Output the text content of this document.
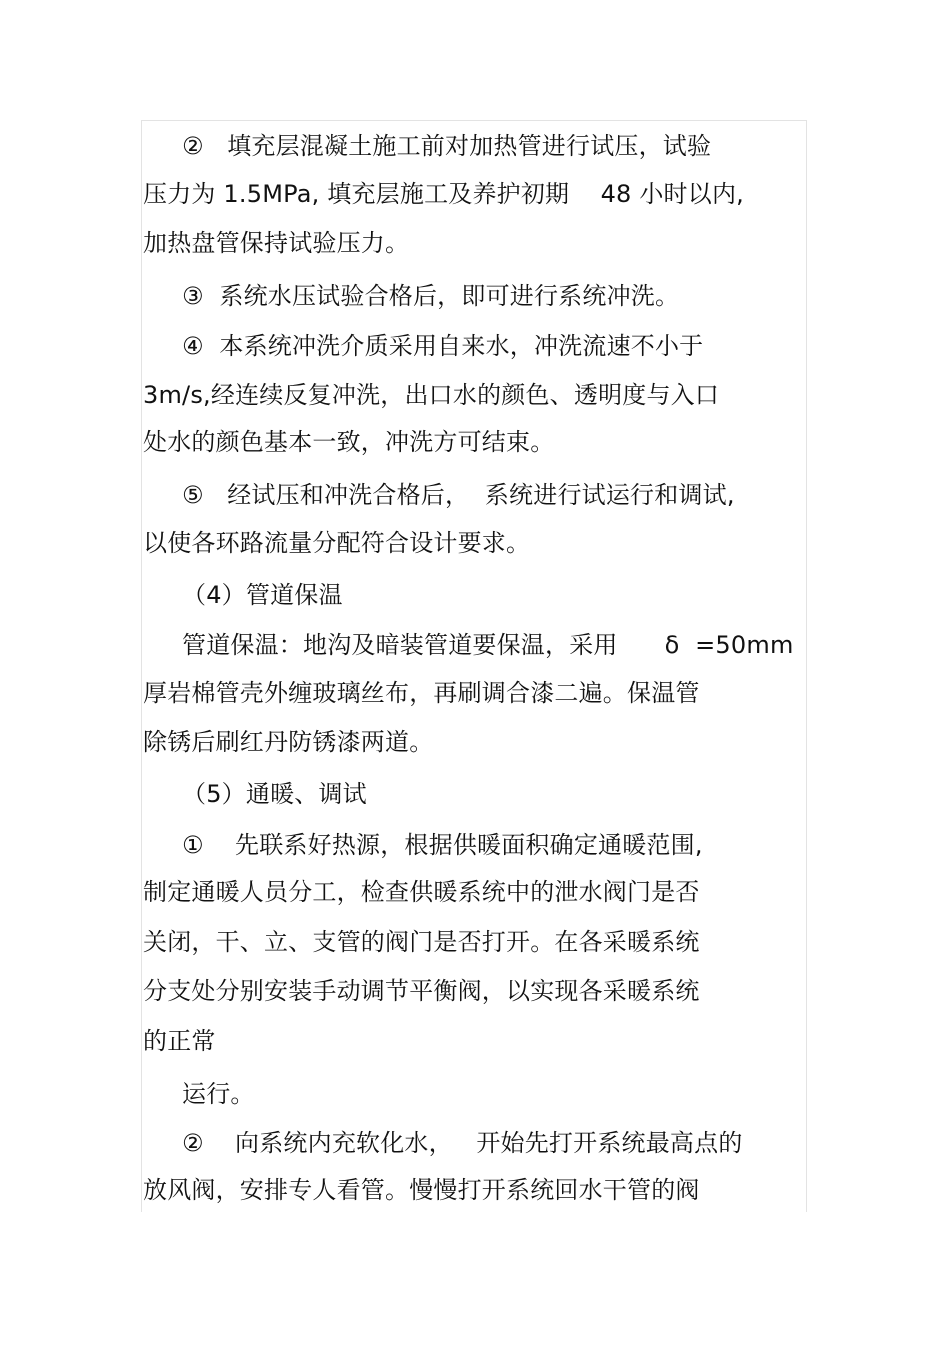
②   填充层混凝土施工前对加热管进行试压，试验
压力为 1.5MPa, 填充层施工及养护初期    48 小时以内,
加热盘管保持试验压力。
③  系统水压试验合格后，即可进行系统冲洗。
④  本系统冲洗介质采用自来水，冲洗流速不小于
3m/s,经连续反复冲洗，出口水的颜色、透明度与入口
处水的颜色基本一致，冲洗方可结束。
⑤   经试压和冲洗合格后，  系统进行试运行和调试,
以使各环路流量分配符合设计要求。
（4）管道保温
管道保温：地沟及暗装管道要保温，采用      δ  =50mm
厚岩棉管壳外缠玻璃丝布，再刷调合漆二遍。保温管
除锈后刷红丹防锈漆两道。
（5）通暖、调试
①    先联系好热源，根据供暖面积确定通暖范围,
制定通暖人员分工，检查供暖系统中的泄水阀门是否
关闭，干、立、支管的阀门是否打开。在各采暖系统
分支处分别安装手动调节平衡阀，以实现各采暖系统
的正常
运行。
②    向系统内充软化水，   开始先打开系统最高点的
放风阀，安排专人看管。慢慢打开系统回水干管的阀
